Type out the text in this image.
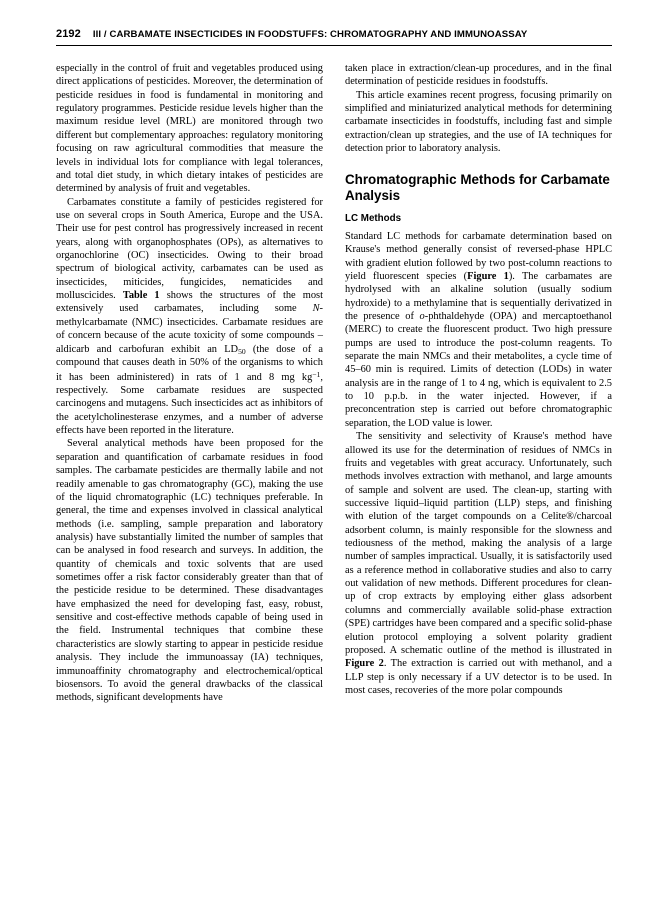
2192 III / CARBAMATE INSECTICIDES IN FOODSTUFFS: CHROMATOGRAPHY AND IMMUNOASSAY

especially in the control of fruit and vegetables produced using direct applications of pesticides. Moreover, the determination of pesticide residues in food is fundamental in monitoring and regulatory programmes. Pesticide residue levels higher than the maximum residue level (MRL) are monitored through two different but complementary approaches: regulatory monitoring focusing on raw agricultural commodities that measure the levels in individual lots for compliance with legal tolerances, and total diet study, in which dietary intakes of pesticides are determined by analysis of fruit and vegetables.

Carbamates constitute a family of pesticides registered for use on several crops in South America, Europe and the USA. Their use for pest control has progressively increased in recent years, along with organophosphates (OPs), as alternatives to organochlorine (OC) insecticides. Owing to their broad spectrum of biological activity, carbamates can be used as insecticides, miticides, fungicides, nematicides and molluscicides. Table 1 shows the structures of the most extensively used carbamates, including some N-methylcarbamate (NMC) insecticides. Carbamate residues are of concern because of the acute toxicity of some compounds – aldicarb and carbofuran exhibit an $LD_{50}$ (the dose of a compound that causes death in 50% of the organisms to which it has been administered) in rats of 1 and 8 mg $kg^{-1}$, respectively. Some carbamate residues are suspected carcinogens and mutagens. Such insecticides act as inhibitors of the acetylcholinesterase enzymes, and a number of adverse effects have been reported in the literature.

Several analytical methods have been proposed for the separation and quantification of carbamate residues in food samples. The carbamate pesticides are thermally labile and not readily amenable to gas chromatography (GC), making the use of the liquid chromatographic (LC) techniques preferable. In general, the time and expenses involved in classical analytical methods (i.e. sampling, sample preparation and laboratory analysis) have substantially limited the number of samples that can be analysed in food research and surveys. In addition, the quantity of chemicals and toxic solvents that are used sometimes offer a risk factor considerably greater than that of the pesticide residue to be determined. These disadvantages have emphasized the need for developing fast, easy, robust, sensitive and cost-effective methods capable of being used in the field. Instrumental techniques that combine these characteristics are slowly starting to appear in pesticide residue analysis. They include the immunoassay (IA) techniques, immunoaffinity chromatography and electrochemical/optical biosensors. To avoid the general drawbacks of the classical methods, significant developments have

taken place in extraction/clean-up procedures, and in the final determination of pesticide residues in foodstuffs.

This article examines recent progress, focusing primarily on simplified and miniaturized analytical methods for determining carbamate insecticides in foodstuffs, including fast and simple extraction/clean up strategies, and the use of IA techniques for detection prior to laboratory analysis.

Chromatographic Methods for Carbamate Analysis
LC Methods

Standard LC methods for carbamate determination based on Krause's method generally consist of reversed-phase HPLC with gradient elution followed by two post-column reactions to yield fluorescent species (Figure 1). The carbamates are hydrolysed with an alkaline solution (usually sodium hydroxide) to a methylamine that is sequentially derivatized in the presence of o-phthaldehyde (OPA) and mercaptoethanol (MERC) to create the fluorescent product. Two high pressure pumps are used to introduce the post-column reagents. To separate the main NMCs and their metabolites, a cycle time of 45–60 min is required. Limits of detection (LODs) in water analysis are in the range of 1 to 4 ng, which is equivalent to 2.5 to 10 p.p.b. in the water injected. However, if a preconcentration step is carried out before chromatographic separation, the LOD value is lower.

The sensitivity and selectivity of Krause's method have allowed its use for the determination of residues of NMCs in fruits and vegetables with great accuracy. Unfortunately, such methods involves extraction with methanol, and large amounts of sample and solvent are used. The clean-up, starting with successive liquid–liquid partition (LLP) steps, and finishing with elution of the target compounds on a Celite®/charcoal adsorbent column, is mainly responsible for the slowness and tediousness of the method, making the analysis of a large number of samples impractical. Usually, it is satisfactorily used as a reference method in collaborative studies and also to carry out validation of new methods. Different procedures for clean-up of crop extracts by employing either glass adsorbent columns and commercially available solid-phase extraction (SPE) cartridges have been compared and a specific solid-phase elution protocol employing a solvent polarity gradient proposed. A schematic outline of the method is illustrated in Figure 2. The extraction is carried out with methanol, and a LLP step is only necessary if a UV detector is to be used. In most cases, recoveries of the more polar compounds
